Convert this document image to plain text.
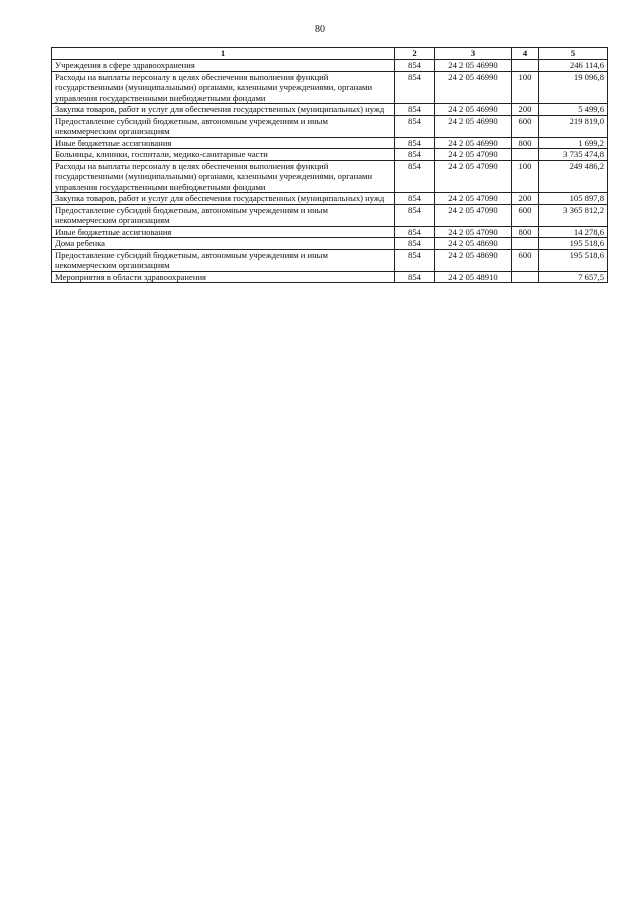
80
1	2	3	4	5
Учреждения в сфере здравоохранения	854	24 2 05 46990		246 114,6
Расходы на выплаты персоналу в целях обеспечения выполнения функций государственными (муниципальными) органами, казенными учреждениями, органами управления государственными внебюджетными фондами	854	24 2 05 46990	100	19 096,8
Закупка товаров, работ и услуг для обеспечения государственных (муниципальных) нужд	854	24 2 05 46990	200	5 499,6
Предоставление субсидий бюджетным, автономным учреждениям и иным некоммерческим организациям	854	24 2 05 46990	600	219 819,0
Иные бюджетные ассигнования	854	24 2 05 46990	800	1 699,2
Больницы, клиники, госпитали, медико-санитарные части	854	24 2 05 47090		3 735 474,8
Расходы на выплаты персоналу в целях обеспечения выполнения функций государственными (муниципальными) органами, казенными учреждениями, органами управления государственными внебюджетными фондами	854	24 2 05 47090	100	249 486,2
Закупка товаров, работ и услуг для обеспечения государственных (муниципальных) нужд	854	24 2 05 47090	200	105 897,8
Предоставление субсидий бюджетным, автономным учреждениям и иным некоммерческим организациям	854	24 2 05 47090	600	3 365 812,2
Иные бюджетные ассигнования	854	24 2 05 47090	800	14 278,6
Дома ребенка	854	24 2 05 48690		195 518,6
Предоставление субсидий бюджетным, автономным учреждениям и иным некоммерческим организациям	854	24 2 05 48690	600	195 518,6
Мероприятия в области здравоохранения	854	24 2 05 48910		7 657,5
